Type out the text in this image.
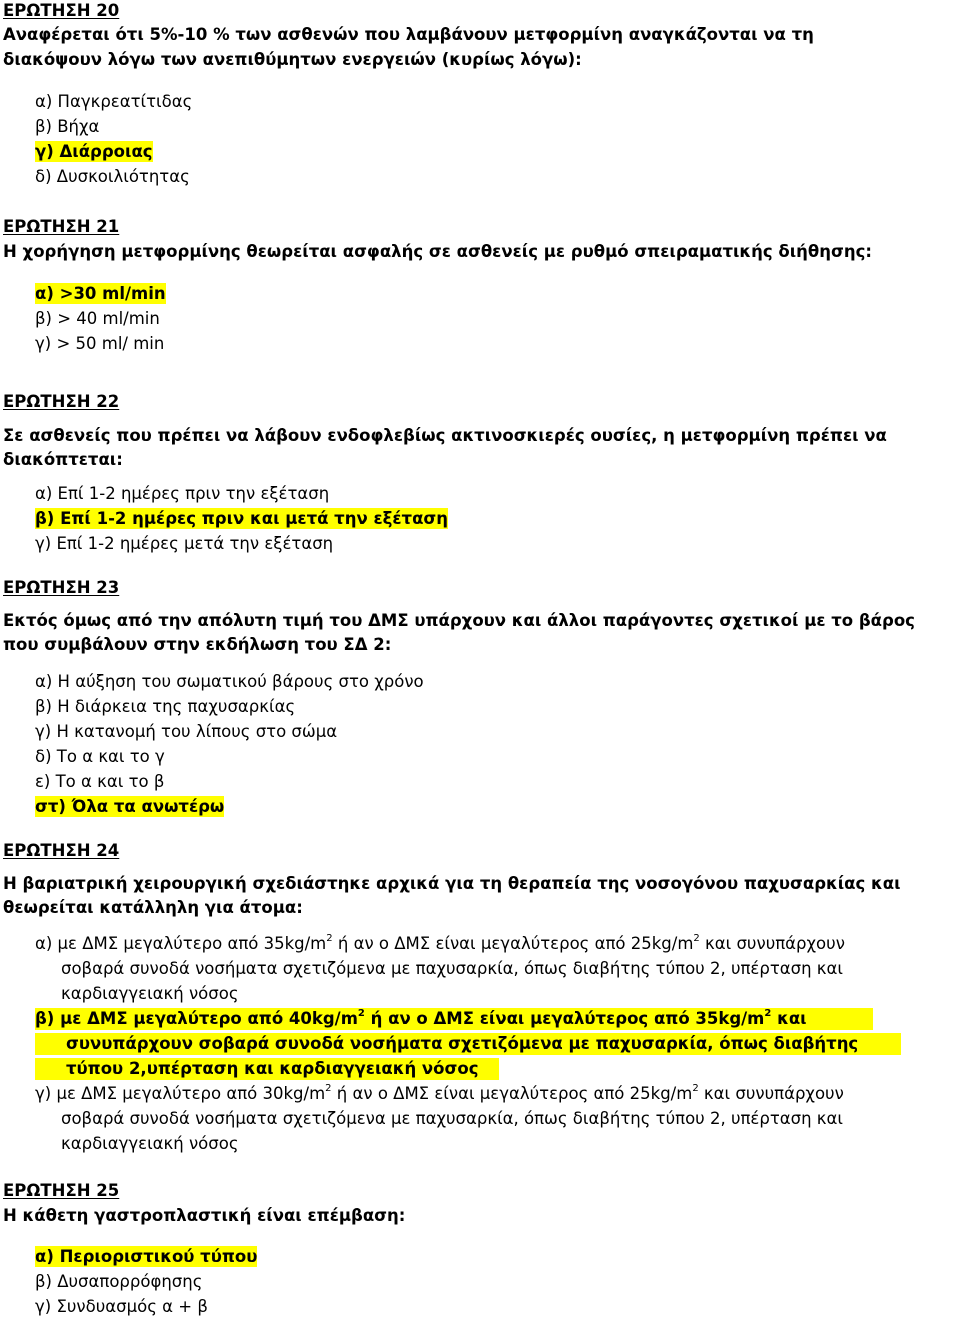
ΕΡΩΤΗΣΗ 20
Αναφέρεται ότι 5%-10 % των ασθενών που λαμβάνουν μετφορμίνη αναγκάζονται να τη
διακόψουν λόγω των ανεπιθύμητων ενεργειών (κυρίως λόγω):
α) Παγκρεατίτιδας
β) Βήχα
γ) Διάρροιας
δ) Δυσκοιλιότητας
ΕΡΩΤΗΣΗ 21
Η χορήγηση μετφορμίνης θεωρείται ασφαλής σε ασθενείς με ρυθμό σπειραματικής διήθησης:
α) >30 ml/min
β) > 40 ml/min
γ) > 50 ml/ min
ΕΡΩΤΗΣΗ 22
Σε ασθενείς που πρέπει να λάβουν ενδοφλεβίως ακτινοσκιερές ουσίες, η μετφορμίνη πρέπει να
διακόπτεται:
α) Επί 1-2 ημέρες πριν την εξέταση
β) Επί 1-2 ημέρες πριν και μετά την εξέταση
γ) Επί 1-2 ημέρες μετά την εξέταση
ΕΡΩΤΗΣΗ 23
Εκτός όμως από την απόλυτη τιμή του ΔΜΣ υπάρχουν και άλλοι παράγοντες σχετικοί με το βάρος
που συμβάλουν στην εκδήλωση του ΣΔ 2:
α) Η αύξηση του σωματικού βάρους στο χρόνο
β) Η διάρκεια της παχυσαρκίας
γ) Η κατανομή του λίπους στο σώμα
δ) Το α και το γ
ε) Το α και το β
στ) Όλα τα ανωτέρω
ΕΡΩΤΗΣΗ 24
Η βαριατρική χειρουργική σχεδιάστηκε αρχικά για τη θεραπεία της νοσογόνου παχυσαρκίας και
θεωρείται κατάλληλη για άτομα:
α) με ΔΜΣ μεγαλύτερο από $35kg/m^2$ ή αν ο ΔΜΣ είναι μεγαλύτερος από $25kg/m^2$ και συνυπάρχουν
σοβαρά συνοδά νοσήματα σχετιζόμενα με παχυσαρκία, όπως διαβήτης τύπου 2, υπέρταση και
καρδιαγγειακή νόσος
β) με ΔΜΣ μεγαλύτερο από $40kg/m^2$ ή αν ο ΔΜΣ είναι μεγαλύτερος από $35kg/m^2$ και
συνυπάρχουν σοβαρά συνοδά νοσήματα σχετιζόμενα με παχυσαρκία, όπως διαβήτης
τύπου 2,υπέρταση και καρδιαγγειακή νόσος
γ) με ΔΜΣ μεγαλύτερο από $30kg/m^2$ ή αν ο ΔΜΣ είναι μεγαλύτερος από $25kg/m^2$ και συνυπάρχουν
σοβαρά συνοδά νοσήματα σχετιζόμενα με παχυσαρκία, όπως διαβήτης τύπου 2, υπέρταση και
καρδιαγγειακή νόσος
ΕΡΩΤΗΣΗ 25
Η κάθετη γαστροπλαστική είναι επέμβαση:
α) Περιοριστικού τύπου
β) Δυσαπορρόφησης
γ) Συνδυασμός α + β
